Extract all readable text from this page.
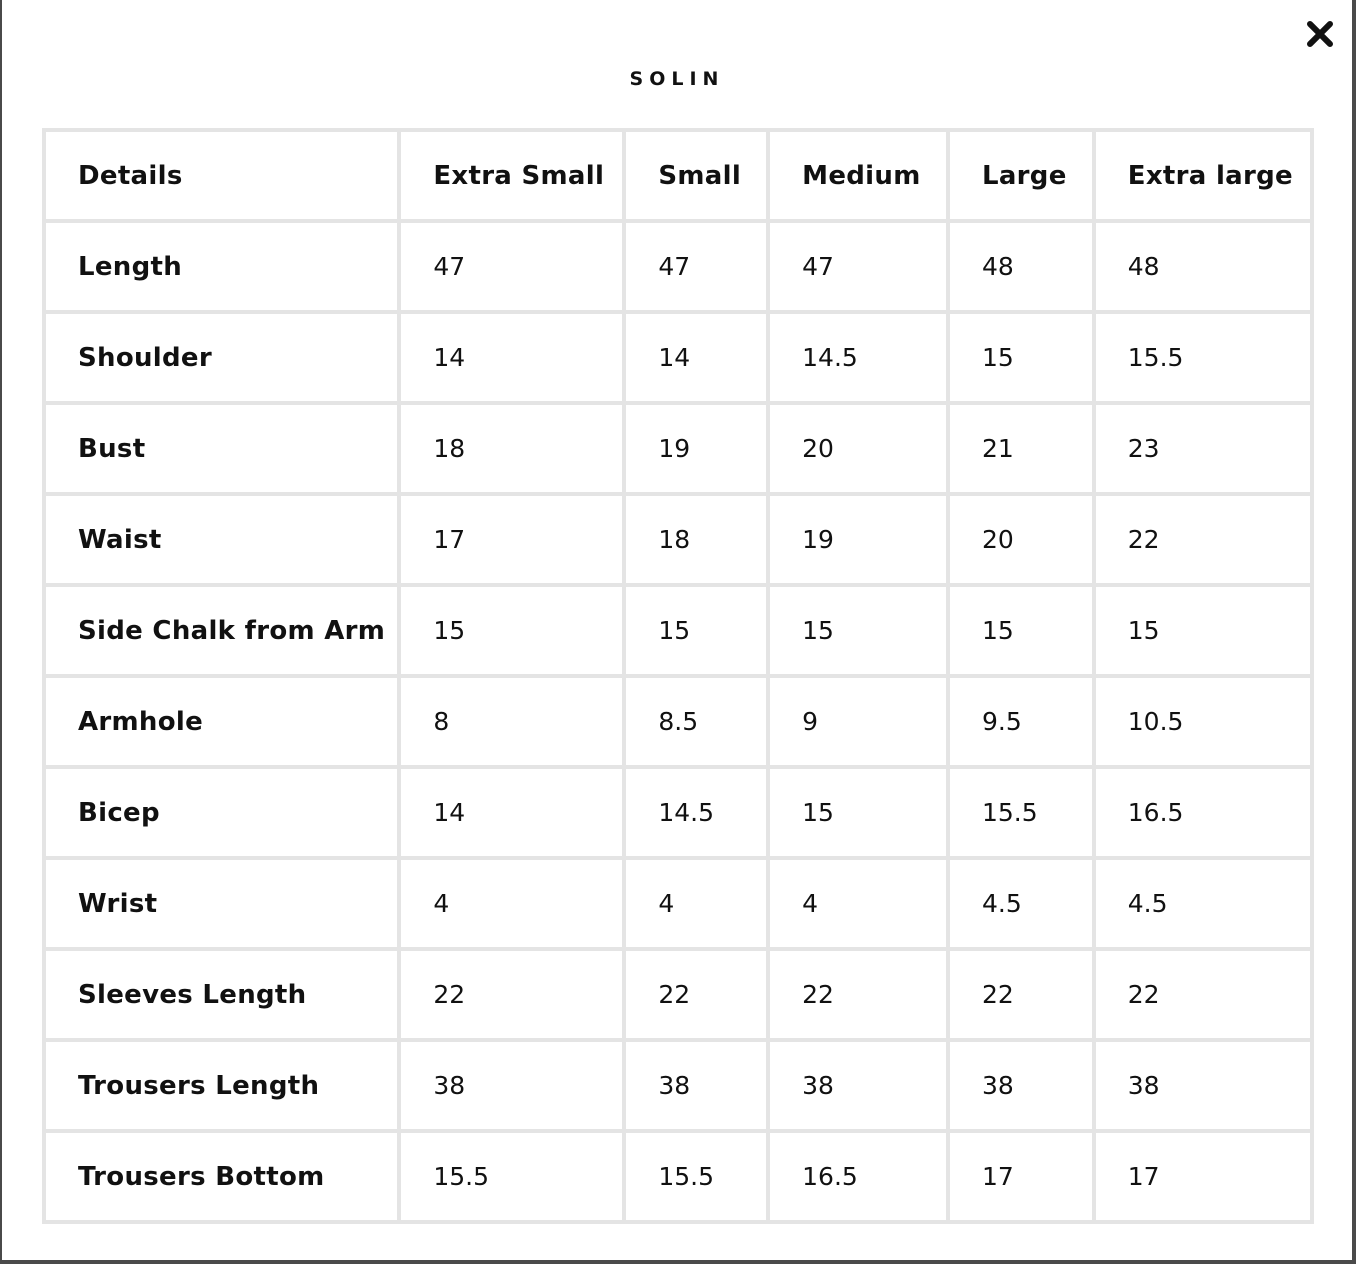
SOLIN
Details	Extra Small	Small	Medium	Large	Extra large
Length	47	47	47	48	48
Shoulder	14	14	14.5	15	15.5
Bust	18	19	20	21	23
Waist	17	18	19	20	22
Side Chalk from Arm	15	15	15	15	15
Armhole	8	8.5	9	9.5	10.5
Bicep	14	14.5	15	15.5	16.5
Wrist	4	4	4	4.5	4.5
Sleeves Length	22	22	22	22	22
Trousers Length	38	38	38	38	38
Trousers Bottom	15.5	15.5	16.5	17	17
